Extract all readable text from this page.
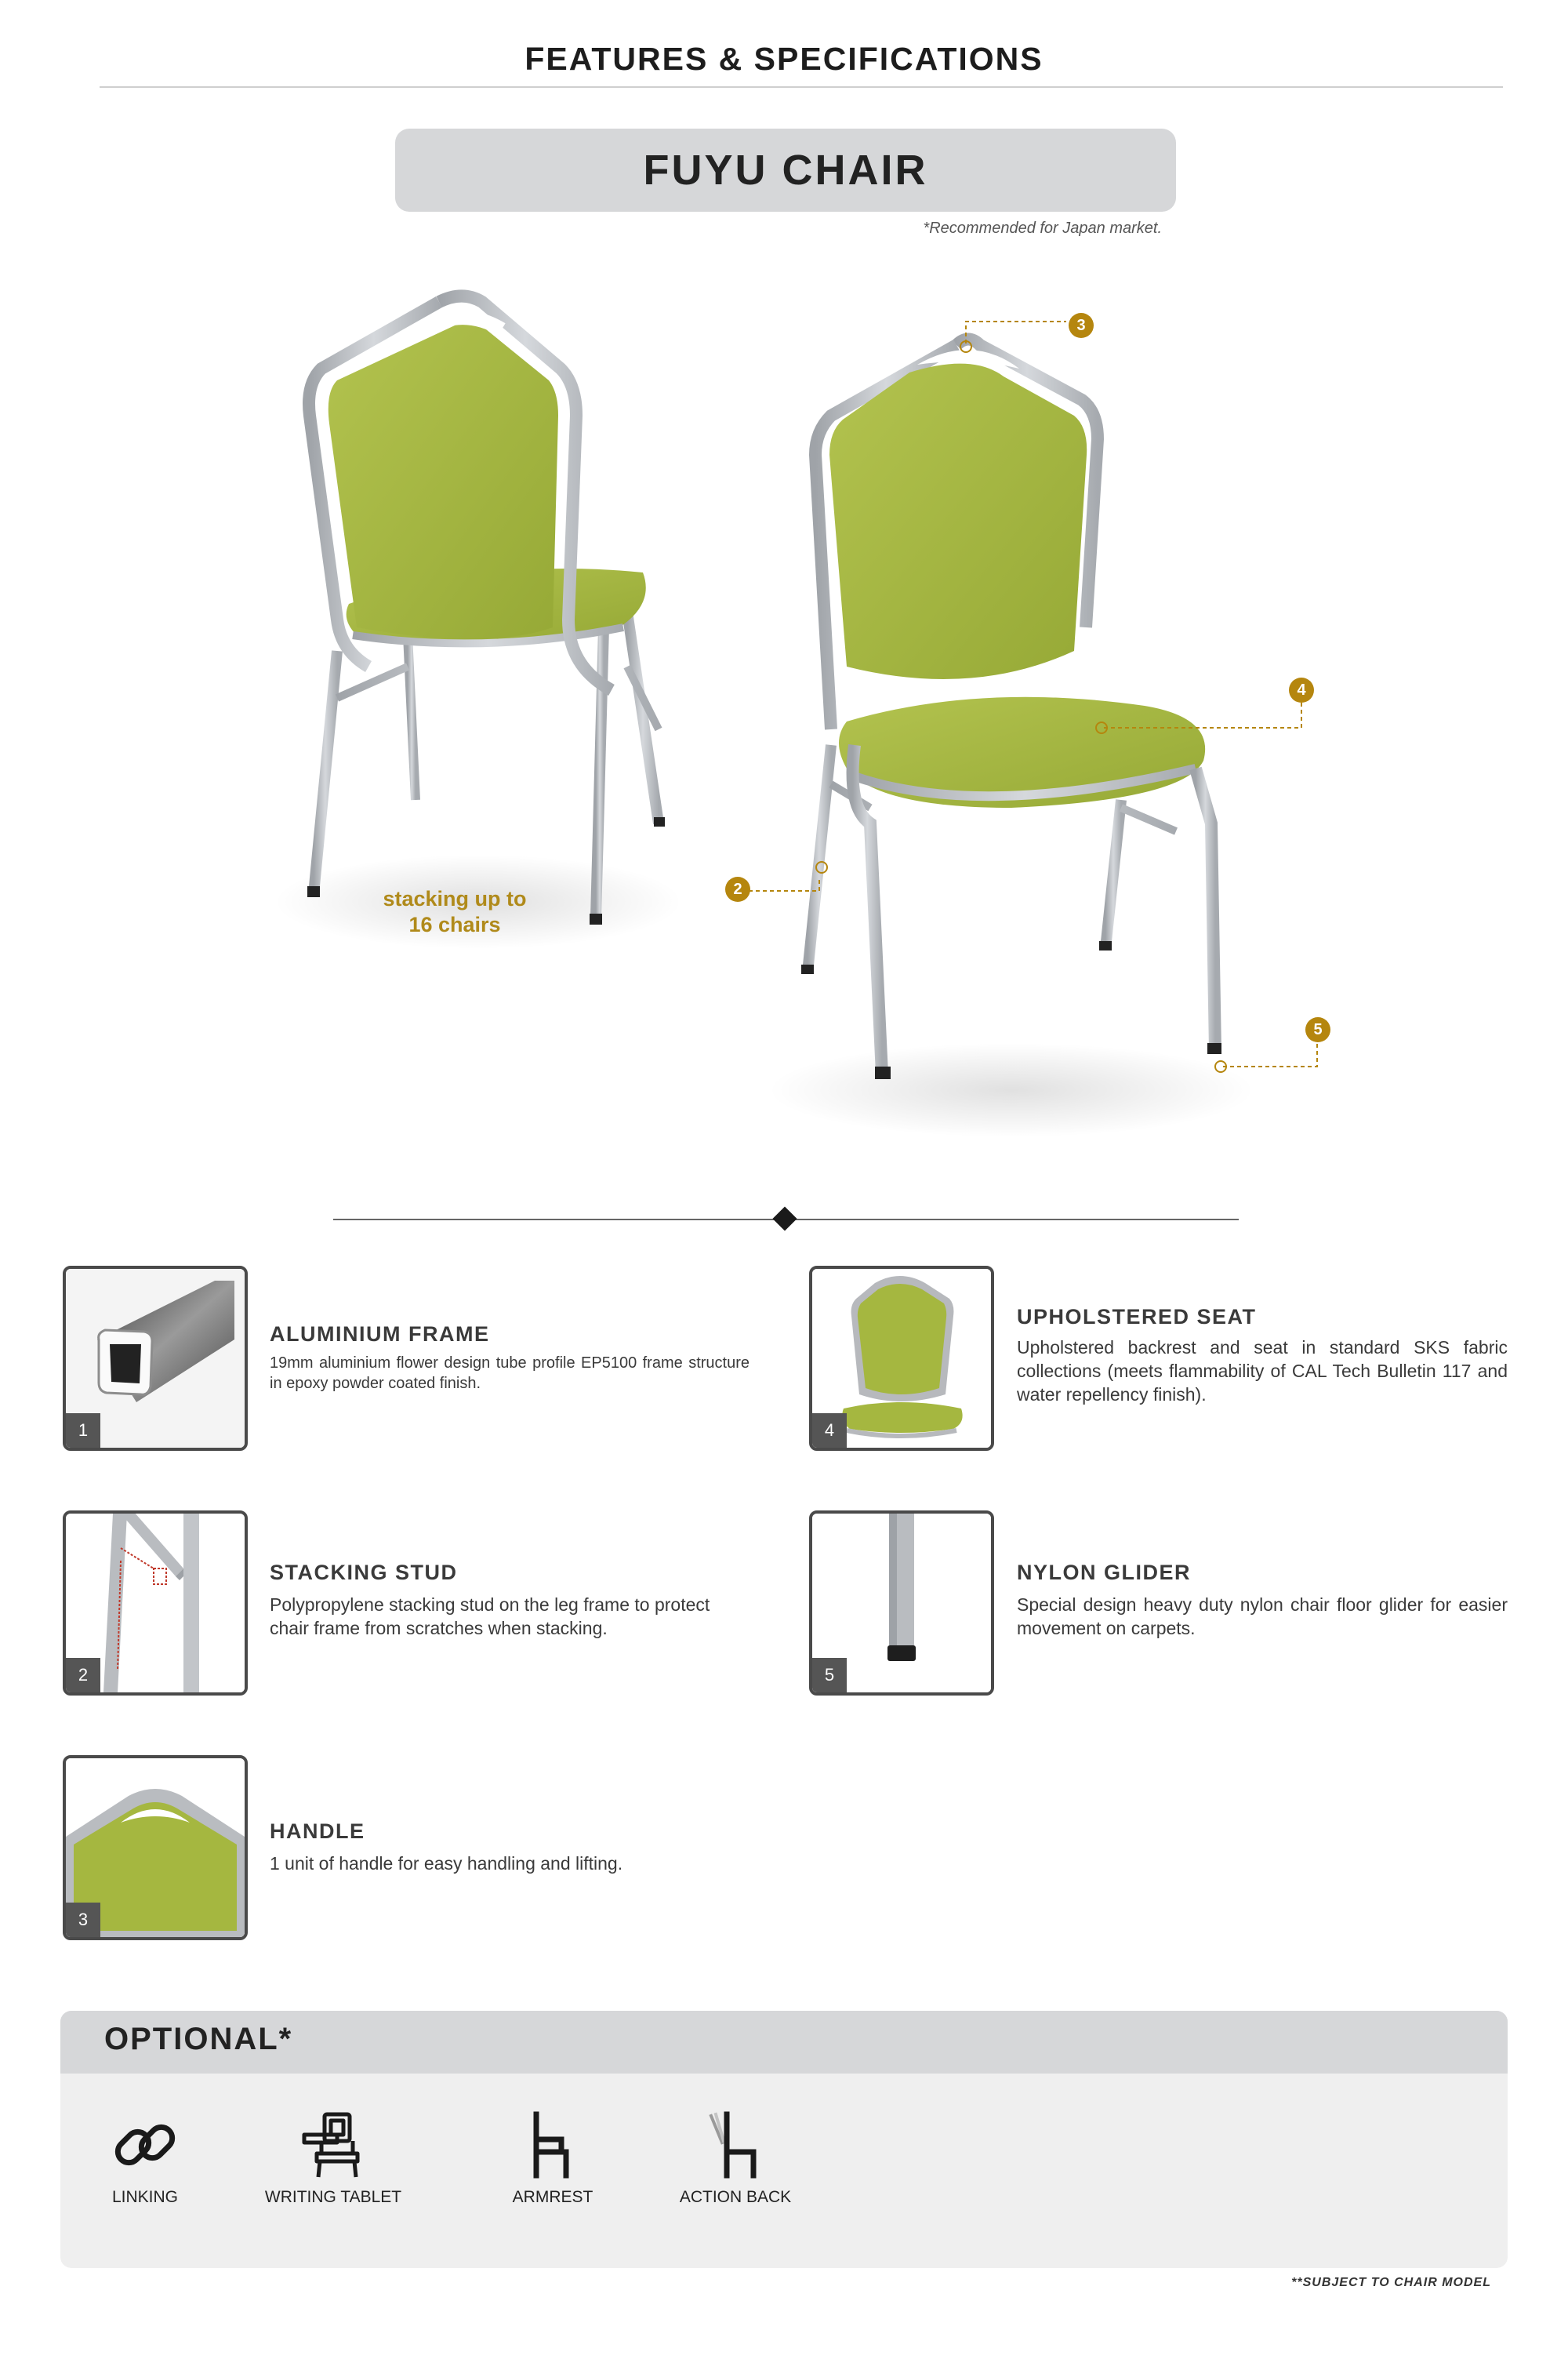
FEATURES & SPECIFICATIONS
FUYU CHAIR
*Recommended for Japan market.
stacking up to
16 chairs
3
4
2
5
1
ALUMINIUM FRAME
19mm aluminium flower design tube profile EP5100 frame structure in epoxy powder coated finish.
4
UPHOLSTERED SEAT
Upholstered backrest and seat in standard SKS fabric collections (meets flammability of CAL Tech Bulletin 117 and water repellency finish).
2
STACKING STUD
Polypropylene stacking stud on the leg frame to protect chair frame from scratches when stacking.
5
NYLON GLIDER
Special design heavy duty nylon chair floor glider for easier movement on carpets.
3
HANDLE
1 unit of handle for easy handling and lifting.
OPTIONAL*
LINKING	WRITING TABLET	ARMREST	ACTION BACK
**SUBJECT TO CHAIR MODEL
